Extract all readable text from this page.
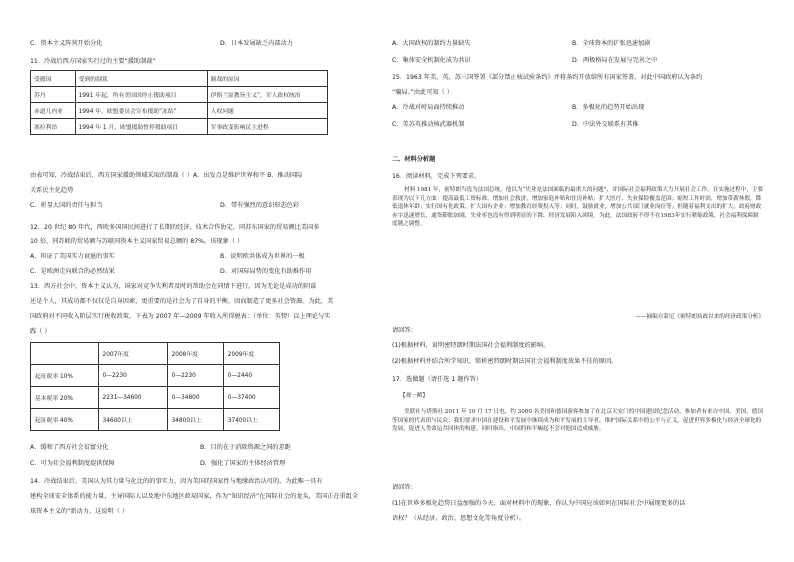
C．资本主义阵营开始分化	D．日本发展缺乏内部动力
11．冷战后西方国家实行过的主要“援助制裁”
受援国	受到的制裁	制裁的原因
苏丹	1991 年起，所有美国国停止援助项目	伊斯兰原教旨主义”，军人政权统治
赤道几内亚	1994 年，欧盟委员会宣布援助“冻结”	人权问题
塞拉利昂	1994 年 1 月，欧盟援助暂停援助项目	军事政变影响民主进程
由表可知，冷战结束后，西方国家援助领域采取的制裁（ ）A．出发点是维护世界和平 B．推动国际
关系民主化趋势
C．彰显大国的责任与担当	D．带有强烈的意识形态色彩
12．20 世纪 80 年代，西欧多国国民间进行了长期的经济、技术合作协定，同苏东国家的贸易额比美国多
10 倍，同苏联的贸易额与苏联同资本主义国家贸易总额的 87%。该现象（ ）
A．印证了美国实力衰退的事实	B．说明欧共体成为世界的一极
C．是欧洲走向联合的必然结果	D．对国际局势的变化有助推作用
13．西方社会中，资本主义认为，国家对竞争失利者及时的帮助会在同情下进行，因为无论是成功的阴谋
还是个人，其成功都不仅仅是自身因素，更重要的是社会为了自身的平衡，因而制造了更多社会资源。为此，美
国政府对不同收入阶层实行税收政策。下表为 2007 年—2009 年收入所得税表：（单位：英镑）以上理论与实
践（ ）
	2007年度	2008年度	2009年度
起征税率 10%	0—2230	0—2230	0—2440
基本税率 20%	2231—34600	0—34800	0—37400
起征税率 40%	34600以上	34800以上	37400以上
A．缓和了西方社会贫富分化	B．目的在于消除资源之间的差距
C．可为社会福利制度提供保障	D．强化了国家的主体经济管理
14．冷战结束后，美国认为其力量与化比的的事实力，因为美国的国家性与地缘政治认可的，为此唯一具有
建构全球安全体系的能力量，主导国际人以及地中东地区政局国家，作为“知识经济”在国际社会的龙头，美国正在重组全
球资本主义的“新动力。这说明（ ）
A．大国政权的制约力量缺失	B．全球资本的扩张迅速加剧
C．集体安全机制化成为共识	D．两极格局在发展与完善之中
15．1963 年美、英、苏三国签署《部分禁止核试验条约》并将条约开放给所有国家签署。对此中国政府认为条约
“骗局。”由此可知（ ）
A．冷战对峙局面持续推动	B．多极化的趋势开始出现
C．美苏英推动核武器机制	D．中法外交联系有其推
二、材料分析题
16．阅读材料，完成下列要求。
材料 1981 年，密特朗当选为法国总统。他以为“失业是法国面临的最重大的问题”，并国际社会福利政策大力开展社会工作。在实施过程中，主要表现为以下几方面：提高最低工资标准，增加社会救济，增加家庭补贴和住房补贴；扩大医疗、失业保险覆盖范围；缩短工作时间，增加带薪休假，降低退休年龄；实行国有化政策，扩大国有企业；增加教育经费投入等；同时，鼓励就业，增加公共部门就业岗位等。但随着福利支出的扩大，政府财政赤字迅速增长，通货膨胀加剧，失业率也没有得到明显的下降，经济发展陷入困境。为此，法国政府不得不在1983年实行紧缩政策，社会福利保障制度随之调整。
——摘编自蒙尼《密特朗执政以来的经济政策分析》
请回答：
(1)根据材料，说明密特朗时期法国社会福利制度的影响。
(2)根据材料并结合所学知识，简析密特朗时期法国社会福利制度效果不佳的原因。
17．选做题（请任选 1 题作答）
【观一瞬】
美联社与塔斯社 2011 年 10 月 17 日电，约 3000 名美国和德国游客参加了在北京天安门的中国建国纪念活动，参加者有来自中国、美国、德国等国家的代表团与民众；我们要求中国在建设和平发展中继续成为和平发展的主导者，维护国际关系中的公平与正义，促进世界多极化与经济全球化的发展，促进人类命运共同体的构建。同时指出，中国的和平崛起不会对他国造成威胁。
请回答：
(1)在世界多极化趋势日益加强的今天，面对材料中的现象，你认为中国应该如何在国际社会中展现更多的话
语权？（从经济、政治、思想文化等角度分析）。
